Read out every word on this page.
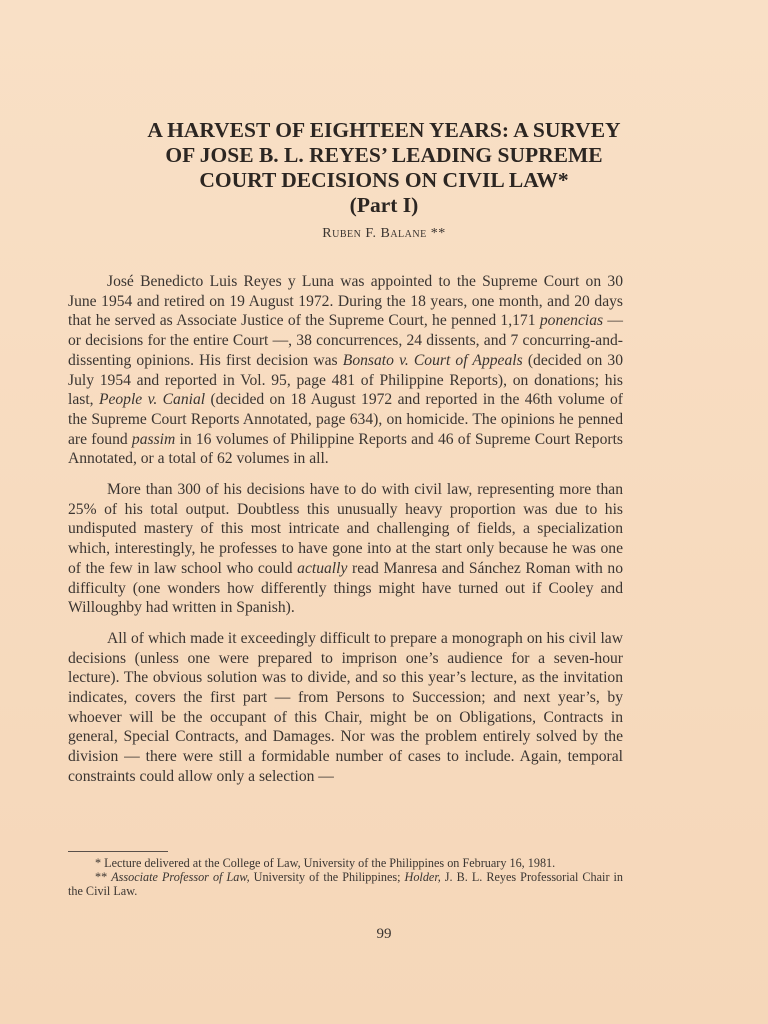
A HARVEST OF EIGHTEEN YEARS: A SURVEY
OF JOSE B. L. REYES’ LEADING SUPREME
COURT DECISIONS ON CIVIL LAW*
(Part I)
Ruben F. Balane **

José Benedicto Luis Reyes y Luna was appointed to the Supreme Court on 30 June 1954 and retired on 19 August 1972. During the 18 years, one month, and 20 days that he served as Associate Justice of the Supreme Court, he penned 1,171 ponencias — or decisions for the entire Court —, 38 concurrences, 24 dissents, and 7 concurring-and-dissenting opinions. His first decision was Bonsato v. Court of Appeals (decided on 30 July 1954 and reported in Vol. 95, page 481 of Philippine Reports), on donations; his last, People v. Canial (decided on 18 August 1972 and reported in the 46th volume of the Supreme Court Reports Annotated, page 634), on homicide. The opinions he penned are found passim in 16 volumes of Philippine Reports and 46 of Supreme Court Reports Annotated, or a total of 62 volumes in all.

More than 300 of his decisions have to do with civil law, representing more than 25% of his total output. Doubtless this unusually heavy proportion was due to his undisputed mastery of this most intricate and challenging of fields, a specialization which, interestingly, he professes to have gone into at the start only because he was one of the few in law school who could actually read Manresa and Sánchez Roman with no difficulty (one wonders how differently things might have turned out if Cooley and Willoughby had written in Spanish).

All of which made it exceedingly difficult to prepare a monograph on his civil law decisions (unless one were prepared to imprison one’s audience for a seven-hour lecture). The obvious solution was to divide, and so this year’s lecture, as the invitation indicates, covers the first part — from Persons to Succession; and next year’s, by whoever will be the occupant of this Chair, might be on Obligations, Contracts in general, Special Contracts, and Damages. Nor was the problem entirely solved by the division — there were still a formidable number of cases to include. Again, temporal constraints could allow only a selection —

* Lecture delivered at the College of Law, University of the Philippines on February 16, 1981.

** Associate Professor of Law, University of the Philippines; Holder, J. B. L. Reyes Professorial Chair in the Civil Law.

99
